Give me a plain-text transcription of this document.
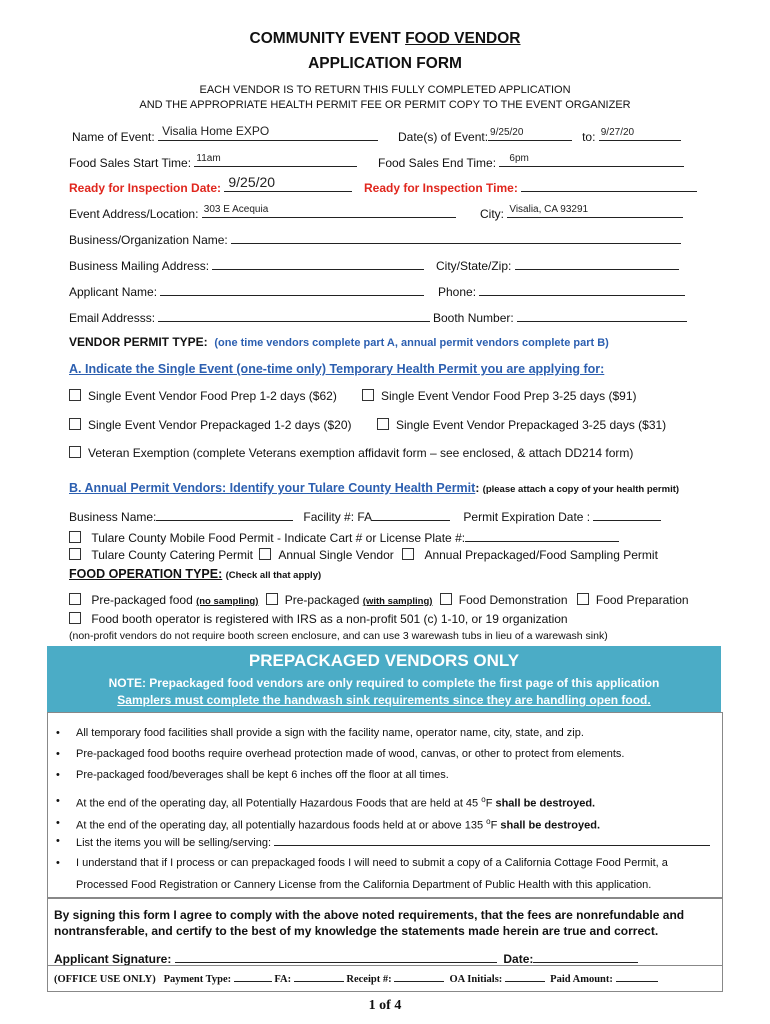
COMMUNITY EVENT FOOD VENDOR
APPLICATION FORM
EACH VENDOR IS TO RETURN THIS FULLY COMPLETED APPLICATION
AND THE APPROPRIATE HEALTH PERMIT FEE OR PERMIT COPY TO THE EVENT ORGANIZER
Name of Event: Visalia Home EXPO	Date(s) of Event: 9/25/20	to: 9/27/20
Food Sales Start Time: 11am	Food Sales End Time: 6pm
Ready for Inspection Date: 9/25/20	Ready for Inspection Time:
Event Address/Location: 303 E Acequia	City: Visalia, CA 93291
Business/Organization Name:
Business Mailing Address:	City/State/Zip:
Applicant Name:	Phone:
Email Addresss:	Booth Number:
VENDOR PERMIT TYPE: (one time vendors complete part A, annual permit vendors complete part B)
A. Indicate the Single Event (one-time only) Temporary Health Permit you are applying for:
Single Event Vendor Food Prep 1-2 days ($62)	Single Event Vendor Food Prep 3-25 days ($91)
Single Event Vendor Prepackaged 1-2 days ($20)	Single Event Vendor Prepackaged 3-25 days ($31)
Veteran Exemption (complete Veterans exemption affidavit form – see enclosed, & attach DD214 form)
B. Annual Permit Vendors: Identify your Tulare County Health Permit: (please attach a copy of your health permit)
Business Name:	Facility #: FA	Permit Expiration Date :
Tulare County Mobile Food Permit - Indicate Cart # or License Plate #:
Tulare County Catering Permit Annual Single Vendor	Annual Prepackaged/Food Sampling Permit
FOOD OPERATION TYPE: (Check all that apply)
Pre-packaged food (no sampling) Pre-packaged (with sampling) Food Demonstration Food Preparation
Food booth operator is registered with IRS as a non-profit 501 (c) 1-10, or 19 organization
(non-profit vendors do not require booth screen enclosure, and can use 3 warewash tubs in lieu of a warewash sink)
PREPACKAGED VENDORS ONLY
NOTE: Prepackaged food vendors are only required to complete the first page of this application
Samplers must complete the handwash sink requirements since they are handling open food.
• All temporary food facilities shall provide a sign with the facility name, operator name, city, state, and zip.
• Pre-packaged food booths require overhead protection made of wood, canvas, or other to protect from elements.
• Pre-packaged food/beverages shall be kept 6 inches off the floor at all times.
• At the end of the operating day, all Potentially Hazardous Foods that are held at 45 $^o$F shall be destroyed.
• At the end of the operating day, all potentially hazardous foods held at or above 135 $^o$F shall be destroyed.
• List the items you will be selling/serving:
• I understand that if I process or can prepackaged foods I will need to submit a copy of a California Cottage Food Permit, a
Processed Food Registration or Cannery License from the California Department of Public Health with this application.
By signing this form I agree to comply with the above noted requirements, that the fees are nonrefundable and
nontransferable, and certify to the best of my knowledge the statements made herein are true and correct.
Applicant Signature:	Date:
(OFFICE USE ONLY) Payment Type:	FA:	Receipt #:	OA Initials:	Paid Amount:
1 of 4
